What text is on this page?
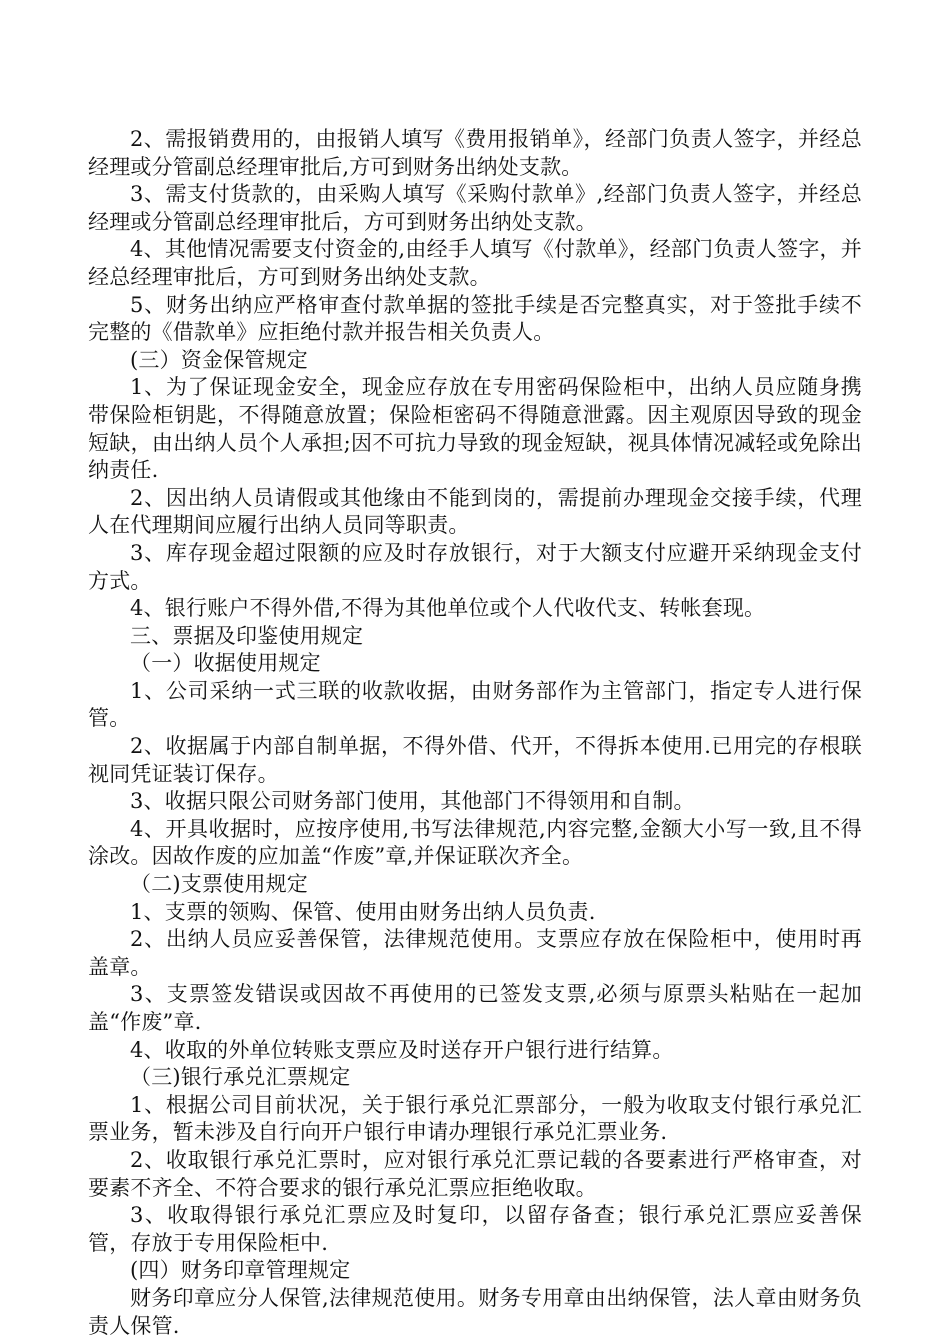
2、需报销费用的，由报销人填写《费用报销单》，经部门负责人签字，并经总经理或分管副总经理审批后,方可到财务出纳处支款。

3、需支付货款的，由采购人填写《采购付款单》,经部门负责人签字，并经总经理或分管副总经理审批后，方可到财务出纳处支款。

4、其他情况需要支付资金的,由经手人填写《付款单》，经部门负责人签字，并经总经理审批后，方可到财务出纳处支款。

5、财务出纳应严格审查付款单据的签批手续是否完整真实，对于签批手续不完整的《借款单》应拒绝付款并报告相关负责人。

(三）资金保管规定

1、为了保证现金安全，现金应存放在专用密码保险柜中，出纳人员应随身携带保险柜钥匙，不得随意放置；保险柜密码不得随意泄露。因主观原因导致的现金短缺，由出纳人员个人承担;因不可抗力导致的现金短缺，视具体情况减轻或免除出纳责任.

2、因出纳人员请假或其他缘由不能到岗的，需提前办理现金交接手续，代理人在代理期间应履行出纳人员同等职责。

3、库存现金超过限额的应及时存放银行，对于大额支付应避开采纳现金支付方式。

4、银行账户不得外借,不得为其他单位或个人代收代支、转帐套现。

三、票据及印鉴使用规定

（一）收据使用规定

1、公司采纳一式三联的收款收据，由财务部作为主管部门，指定专人进行保管。

2、收据属于内部自制单据，不得外借、代开，不得拆本使用.已用完的存根联视同凭证装订保存。

3、收据只限公司财务部门使用，其他部门不得领用和自制。

4、开具收据时，应按序使用,书写法律规范,内容完整,金额大小写一致,且不得涂改。因故作废的应加盖“作废”章,并保证联次齐全。

（二)支票使用规定

1、支票的领购、保管、使用由财务出纳人员负责.

2、出纳人员应妥善保管，法律规范使用。支票应存放在保险柜中，使用时再盖章。

3、支票签发错误或因故不再使用的已签发支票,必须与原票头粘贴在一起加盖“作废”章.

4、收取的外单位转账支票应及时送存开户银行进行结算。

（三)银行承兑汇票规定

1、根据公司目前状况，关于银行承兑汇票部分，一般为收取支付银行承兑汇票业务，暂未涉及自行向开户银行申请办理银行承兑汇票业务.

2、收取银行承兑汇票时，应对银行承兑汇票记载的各要素进行严格审查，对要素不齐全、不符合要求的银行承兑汇票应拒绝收取。

3、收取得银行承兑汇票应及时复印，以留存备查；银行承兑汇票应妥善保管，存放于专用保险柜中.

(四）财务印章管理规定

财务印章应分人保管,法律规范使用。财务专用章由出纳保管，法人章由财务负责人保管.
